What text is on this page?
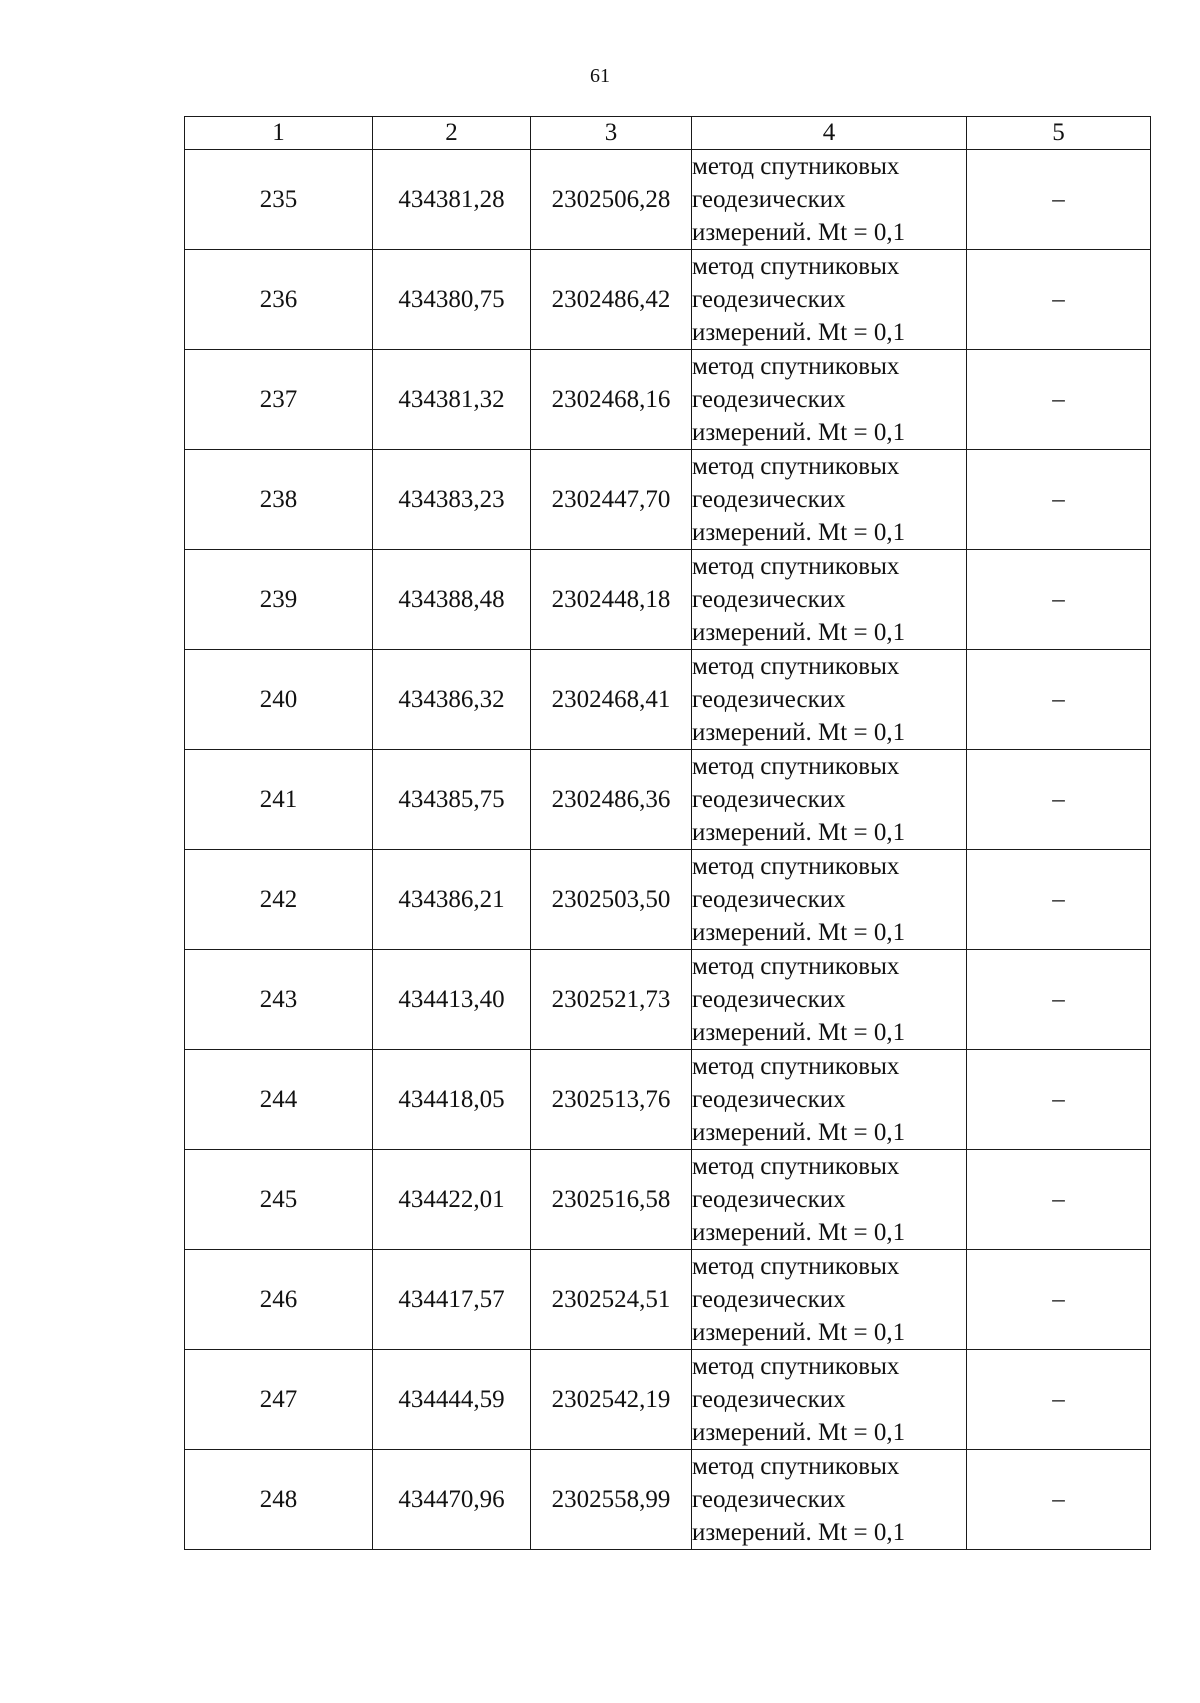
61
1	2	3	4	5
235	434381,28	2302506,28	метод спутниковых
геодезических
измерений. Mt = 0,1	–
236	434380,75	2302486,42	метод спутниковых
геодезических
измерений. Mt = 0,1	–
237	434381,32	2302468,16	метод спутниковых
геодезических
измерений. Mt = 0,1	–
238	434383,23	2302447,70	метод спутниковых
геодезических
измерений. Mt = 0,1	–
239	434388,48	2302448,18	метод спутниковых
геодезических
измерений. Mt = 0,1	–
240	434386,32	2302468,41	метод спутниковых
геодезических
измерений. Mt = 0,1	–
241	434385,75	2302486,36	метод спутниковых
геодезических
измерений. Mt = 0,1	–
242	434386,21	2302503,50	метод спутниковых
геодезических
измерений. Mt = 0,1	–
243	434413,40	2302521,73	метод спутниковых
геодезических
измерений. Mt = 0,1	–
244	434418,05	2302513,76	метод спутниковых
геодезических
измерений. Mt = 0,1	–
245	434422,01	2302516,58	метод спутниковых
геодезических
измерений. Mt = 0,1	–
246	434417,57	2302524,51	метод спутниковых
геодезических
измерений. Mt = 0,1	–
247	434444,59	2302542,19	метод спутниковых
геодезических
измерений. Mt = 0,1	–
248	434470,96	2302558,99	метод спутниковых
геодезических
измерений. Mt = 0,1	–
